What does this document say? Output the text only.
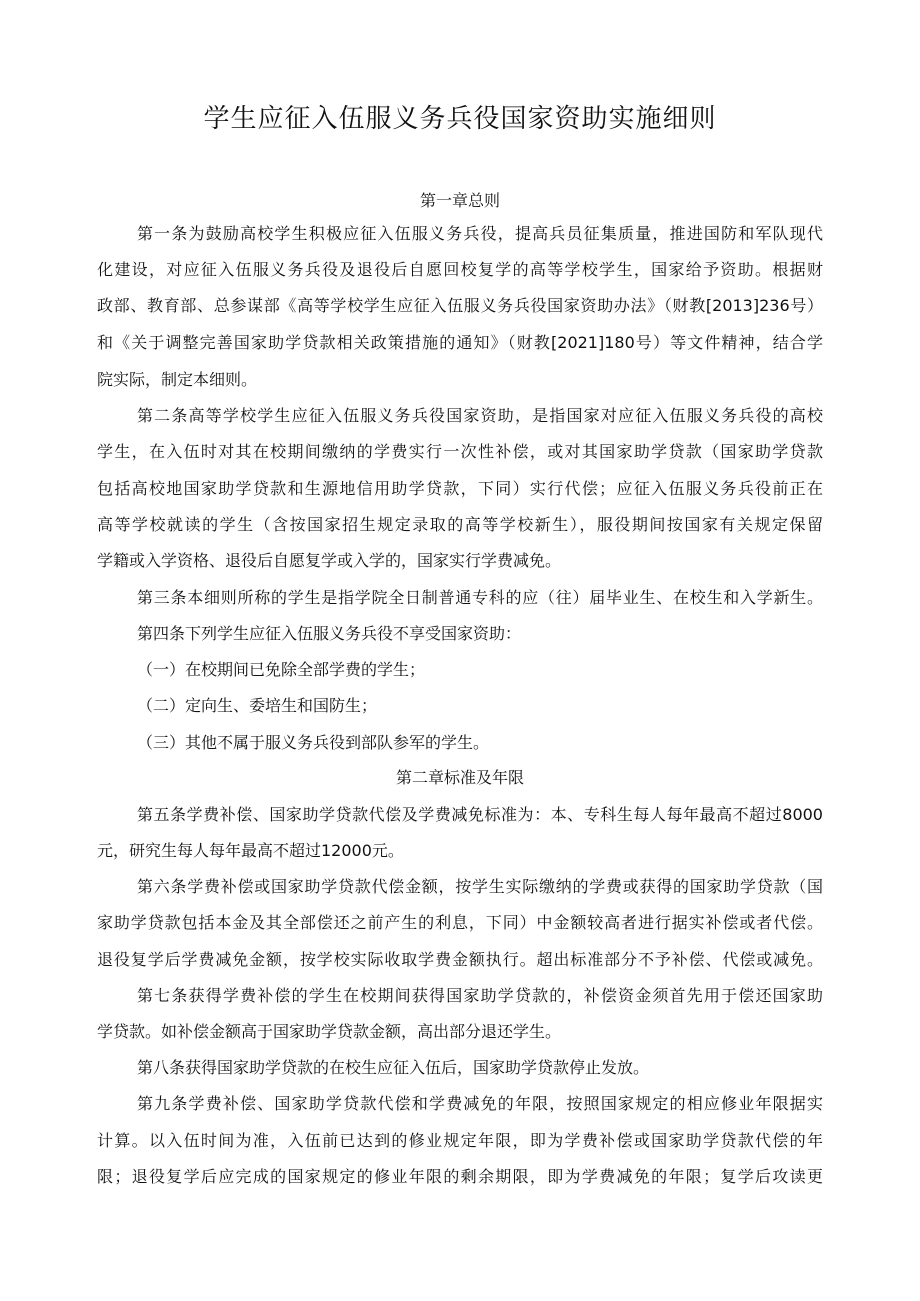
学生应征入伍服义务兵役国家资助实施细则

第一章总则

第一条为鼓励高校学生积极应征入伍服义务兵役，提高兵员征集质量，推进国防和军队现代

化建设，对应征入伍服义务兵役及退役后自愿回校复学的高等学校学生，国家给予资助。根据财

政部、教育部、总参谋部《高等学校学生应征入伍服义务兵役国家资助办法》（财教[2013]236号）

和《关于调整完善国家助学贷款相关政策措施的通知》（财教[2021]180号）等文件精神，结合学

院实际，制定本细则。

第二条高等学校学生应征入伍服义务兵役国家资助，是指国家对应征入伍服义务兵役的高校

学生，在入伍时对其在校期间缴纳的学费实行一次性补偿，或对其国家助学贷款（国家助学贷款

包括高校地国家助学贷款和生源地信用助学贷款，下同）实行代偿；应征入伍服义务兵役前正在

高等学校就读的学生（含按国家招生规定录取的高等学校新生），服役期间按国家有关规定保留

学籍或入学资格、退役后自愿复学或入学的，国家实行学费减免。

第三条本细则所称的学生是指学院全日制普通专科的应（往）届毕业生、在校生和入学新生。

第四条下列学生应征入伍服义务兵役不享受国家资助：

（一）在校期间已免除全部学费的学生；

（二）定向生、委培生和国防生；

（三）其他不属于服义务兵役到部队参军的学生。

第二章标准及年限

第五条学费补偿、国家助学贷款代偿及学费减免标准为：本、专科生每人每年最高不超过8000

元，研究生每人每年最高不超过12000元。

第六条学费补偿或国家助学贷款代偿金额，按学生实际缴纳的学费或获得的国家助学贷款（国

家助学贷款包括本金及其全部偿还之前产生的利息，下同）中金额较高者进行据实补偿或者代偿。

退役复学后学费减免金额，按学校实际收取学费金额执行。超出标准部分不予补偿、代偿或减免。

第七条获得学费补偿的学生在校期间获得国家助学贷款的，补偿资金须首先用于偿还国家助

学贷款。如补偿金额高于国家助学贷款金额，高出部分退还学生。

第八条获得国家助学贷款的在校生应征入伍后，国家助学贷款停止发放。

第九条学费补偿、国家助学贷款代偿和学费减免的年限，按照国家规定的相应修业年限据实

计算。以入伍时间为准，入伍前已达到的修业规定年限，即为学费补偿或国家助学贷款代偿的年

限；退役复学后应完成的国家规定的修业年限的剩余期限，即为学费减免的年限；复学后攻读更
